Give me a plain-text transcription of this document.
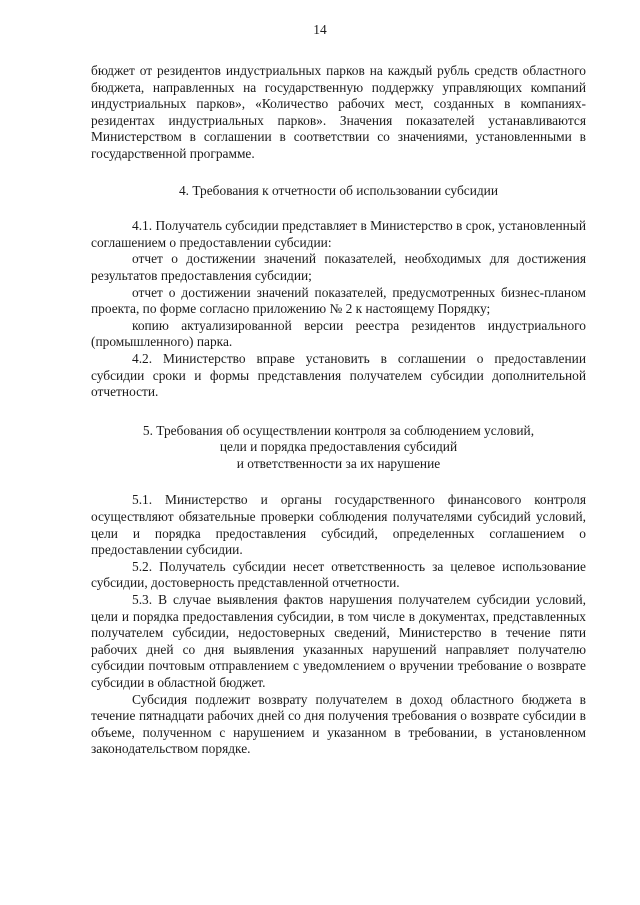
14

бюджет от резидентов индустриальных парков на каждый рубль средств областного бюджета, направленных на государственную поддержку управляющих компаний индустриальных парков», «Количество рабочих мест, созданных в компаниях-резидентах индустриальных парков». Значения показателей устанавливаются Министерством в соглашении в соответствии со значениями, установленными в государственной программе.

4. Требования к отчетности об использовании субсидии

4.1. Получатель субсидии представляет в Министерство в срок, установленный соглашением о предоставлении субсидии:

отчет о достижении значений показателей, необходимых для достижения результатов предоставления субсидии;

отчет о достижении значений показателей, предусмотренных бизнес-планом проекта, по форме согласно приложению № 2 к настоящему Порядку;

копию актуализированной версии реестра резидентов индустриального (промышленного) парка.

4.2. Министерство вправе установить в соглашении о предоставлении субсидии сроки и формы представления получателем субсидии дополнительной отчетности.

5. Требования об осуществлении контроля за соблюдением условий,
цели и порядка предоставления субсидий
и ответственности за их нарушение

5.1. Министерство и органы государственного финансового контроля осуществляют обязательные проверки соблюдения получателями субсидий условий, цели и порядка предоставления субсидий, определенных соглашением о предоставлении субсидии.

5.2. Получатель субсидии несет ответственность за целевое использование субсидии, достоверность представленной отчетности.

5.3. В случае выявления фактов нарушения получателем субсидии условий, цели и порядка предоставления субсидии, в том числе в документах, представленных получателем субсидии, недостоверных сведений, Министерство в течение пяти рабочих дней со дня выявления указанных нарушений направляет получателю субсидии почтовым отправлением с уведомлением о вручении требование о возврате субсидии в областной бюджет.

Субсидия подлежит возврату получателем в доход областного бюджета в течение пятнадцати рабочих дней со дня получения требования о возврате субсидии в объеме, полученном с нарушением и указанном в требовании, в установленном законодательством порядке.
